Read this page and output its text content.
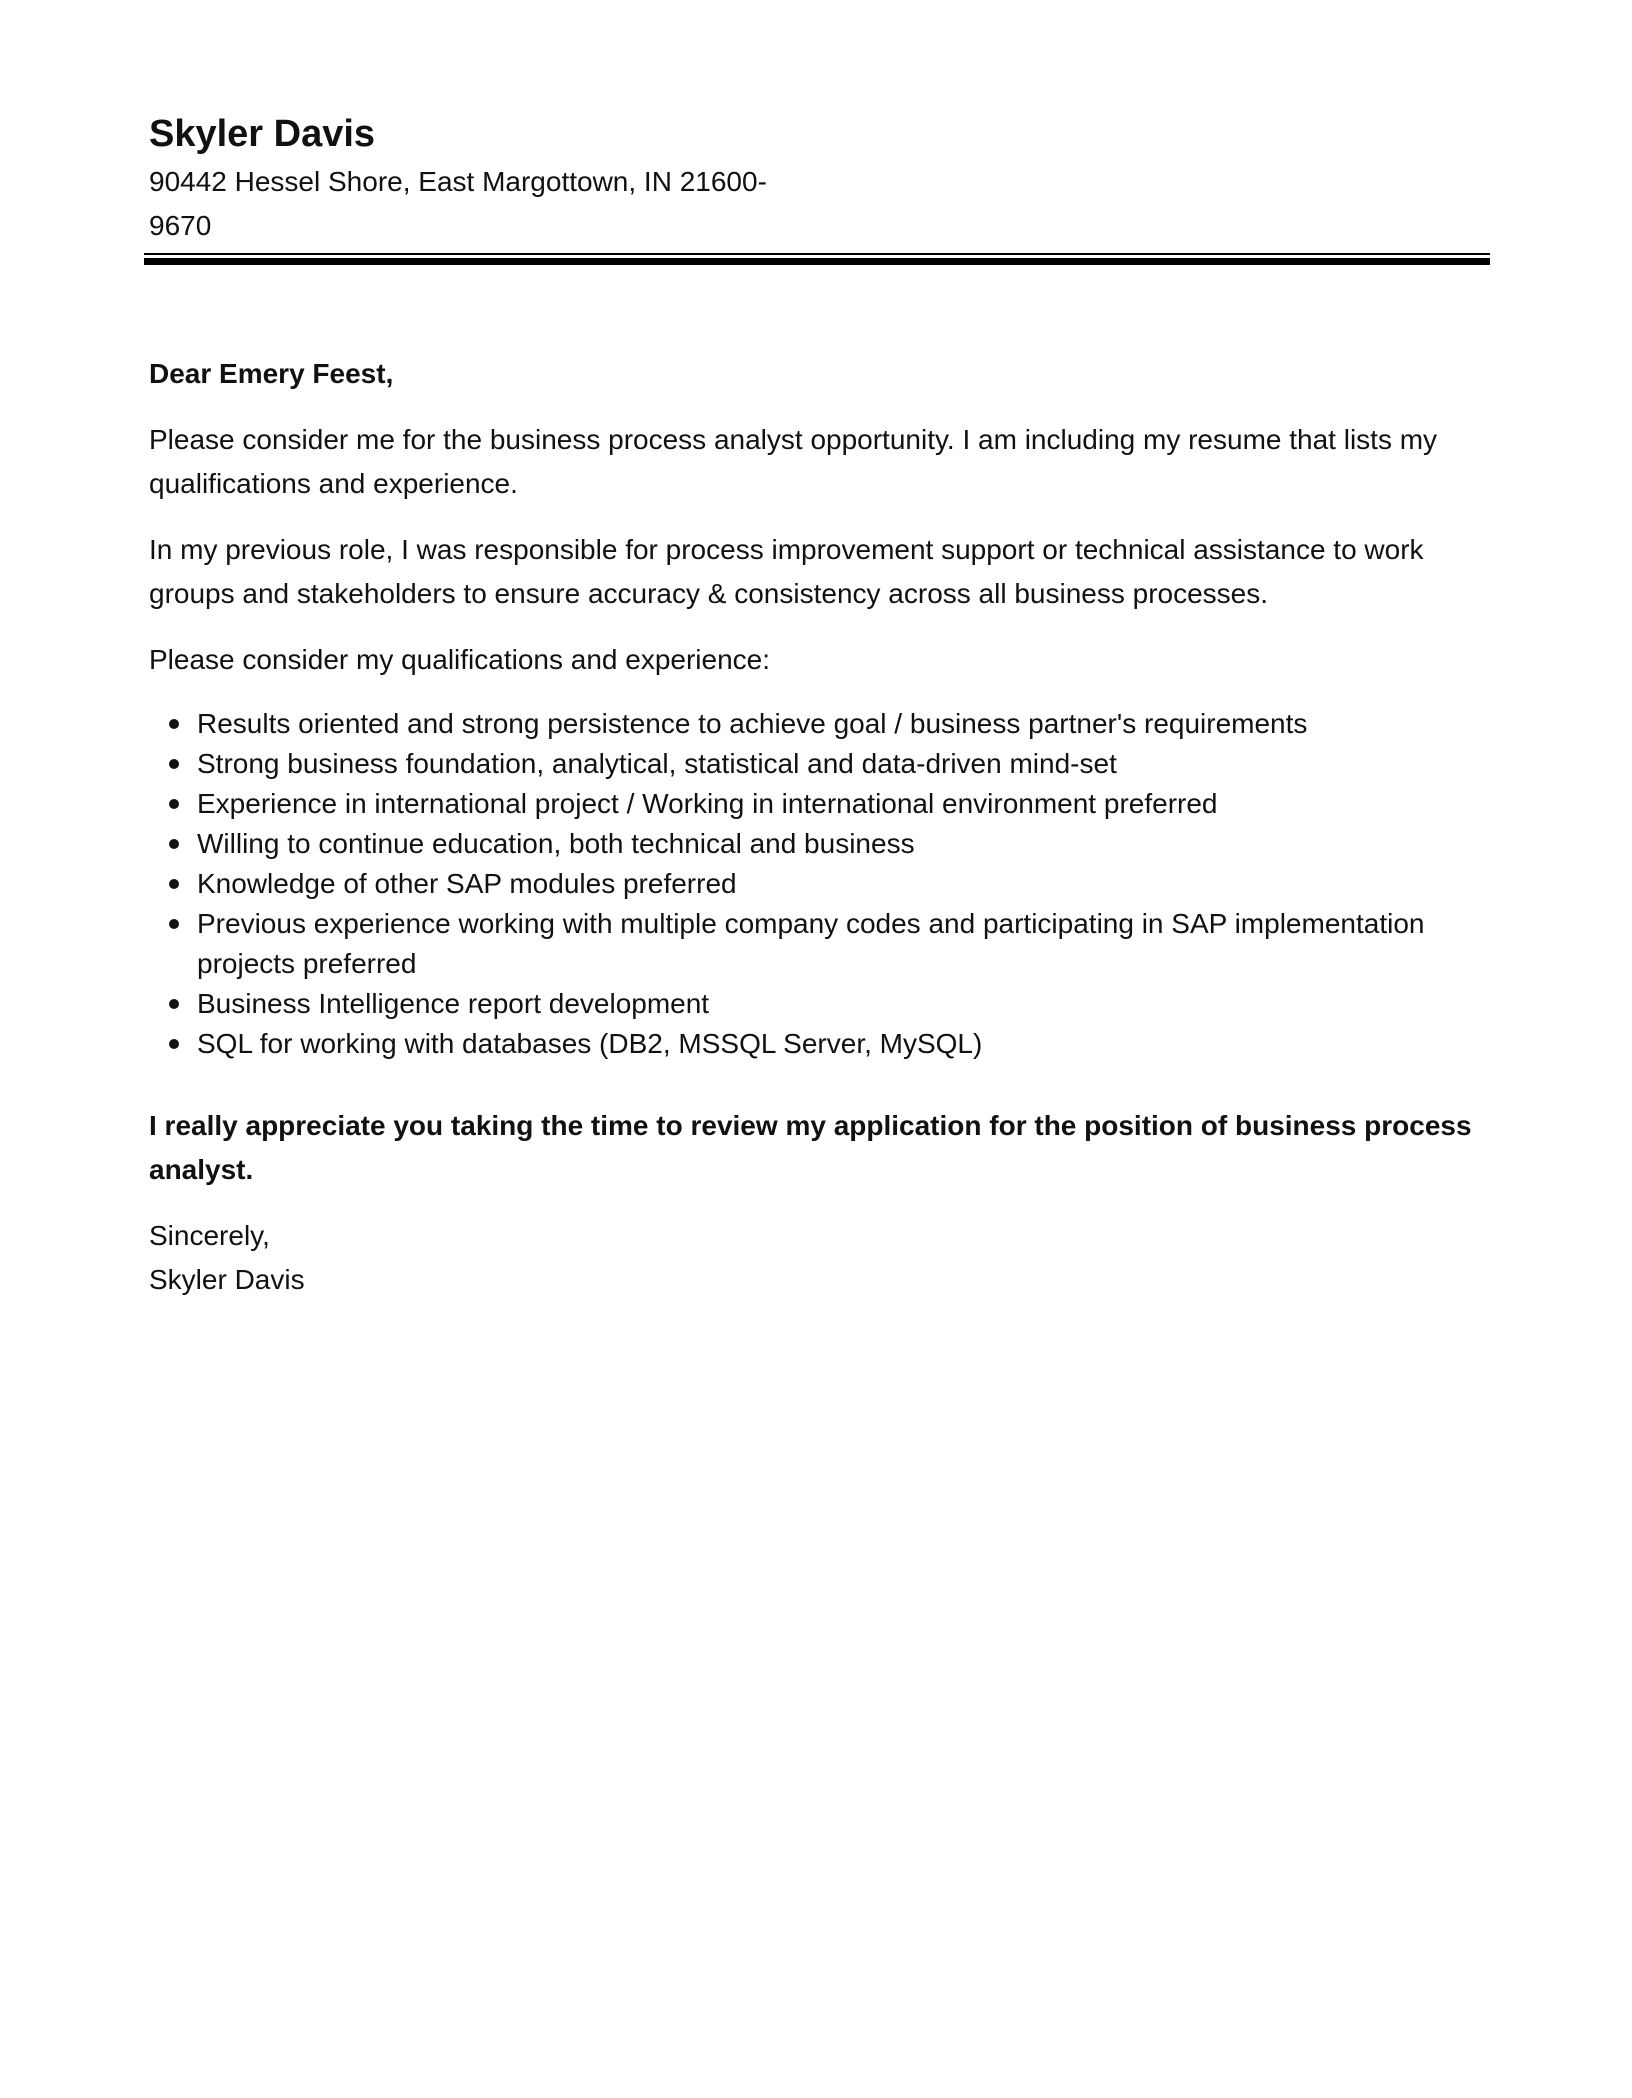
Skyler Davis

90442 Hessel Shore, East Margottown, IN 21600-
9670

Dear Emery Feest,

Please consider me for the business process analyst opportunity. I am including my resume that lists my qualifications and experience.

In my previous role, I was responsible for process improvement support or technical assistance to work groups and stakeholders to ensure accuracy & consistency across all business processes.

Please consider my qualifications and experience:

Results oriented and strong persistence to achieve goal / business partner's requirements
Strong business foundation, analytical, statistical and data-driven mind-set
Experience in international project / Working in international environment preferred
Willing to continue education, both technical and business
Knowledge of other SAP modules preferred
Previous experience working with multiple company codes and participating in SAP implementation projects preferred
Business Intelligence report development
SQL for working with databases (DB2, MSSQL Server, MySQL)

I really appreciate you taking the time to review my application for the position of business process analyst.

Sincerely,
Skyler Davis
